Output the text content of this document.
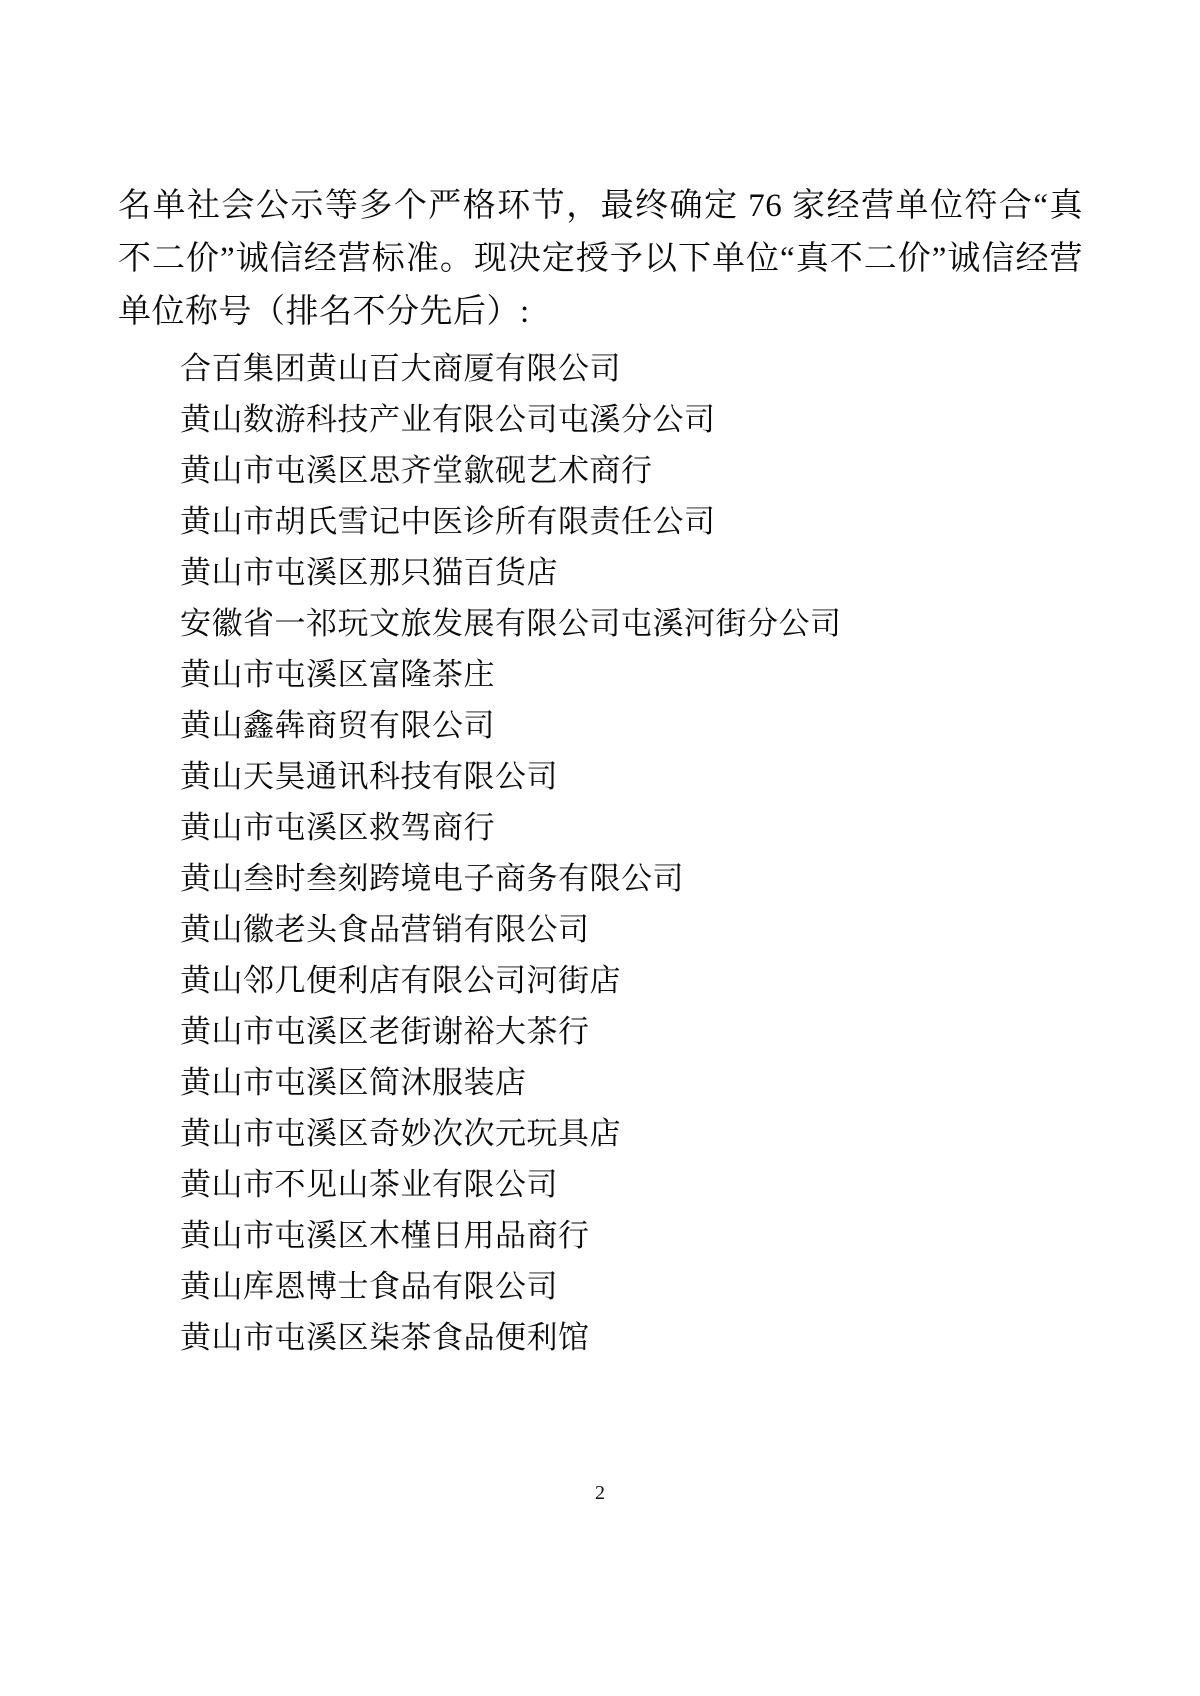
名单社会公示等多个严格环节，最终确定 76 家经营单位符合“真不二价”诚信经营标准。现决定授予以下单位“真不二价”诚信经营单位称号（排名不分先后）:

合百集团黄山百大商厦有限公司
黄山数游科技产业有限公司屯溪分公司
黄山市屯溪区思齐堂歙砚艺术商行
黄山市胡氏雪记中医诊所有限责任公司
黄山市屯溪区那只猫百货店
安徽省一祁玩文旅发展有限公司屯溪河街分公司
黄山市屯溪区富隆茶庄
黄山鑫犇商贸有限公司
黄山天昊通讯科技有限公司
黄山市屯溪区救驾商行
黄山叁时叁刻跨境电子商务有限公司
黄山徽老头食品营销有限公司
黄山邻几便利店有限公司河街店
黄山市屯溪区老街谢裕大茶行
黄山市屯溪区简沐服装店
黄山市屯溪区奇妙次次元玩具店
黄山市不见山茶业有限公司
黄山市屯溪区木槿日用品商行
黄山库恩博士食品有限公司
黄山市屯溪区柒茶食品便利馆
2
